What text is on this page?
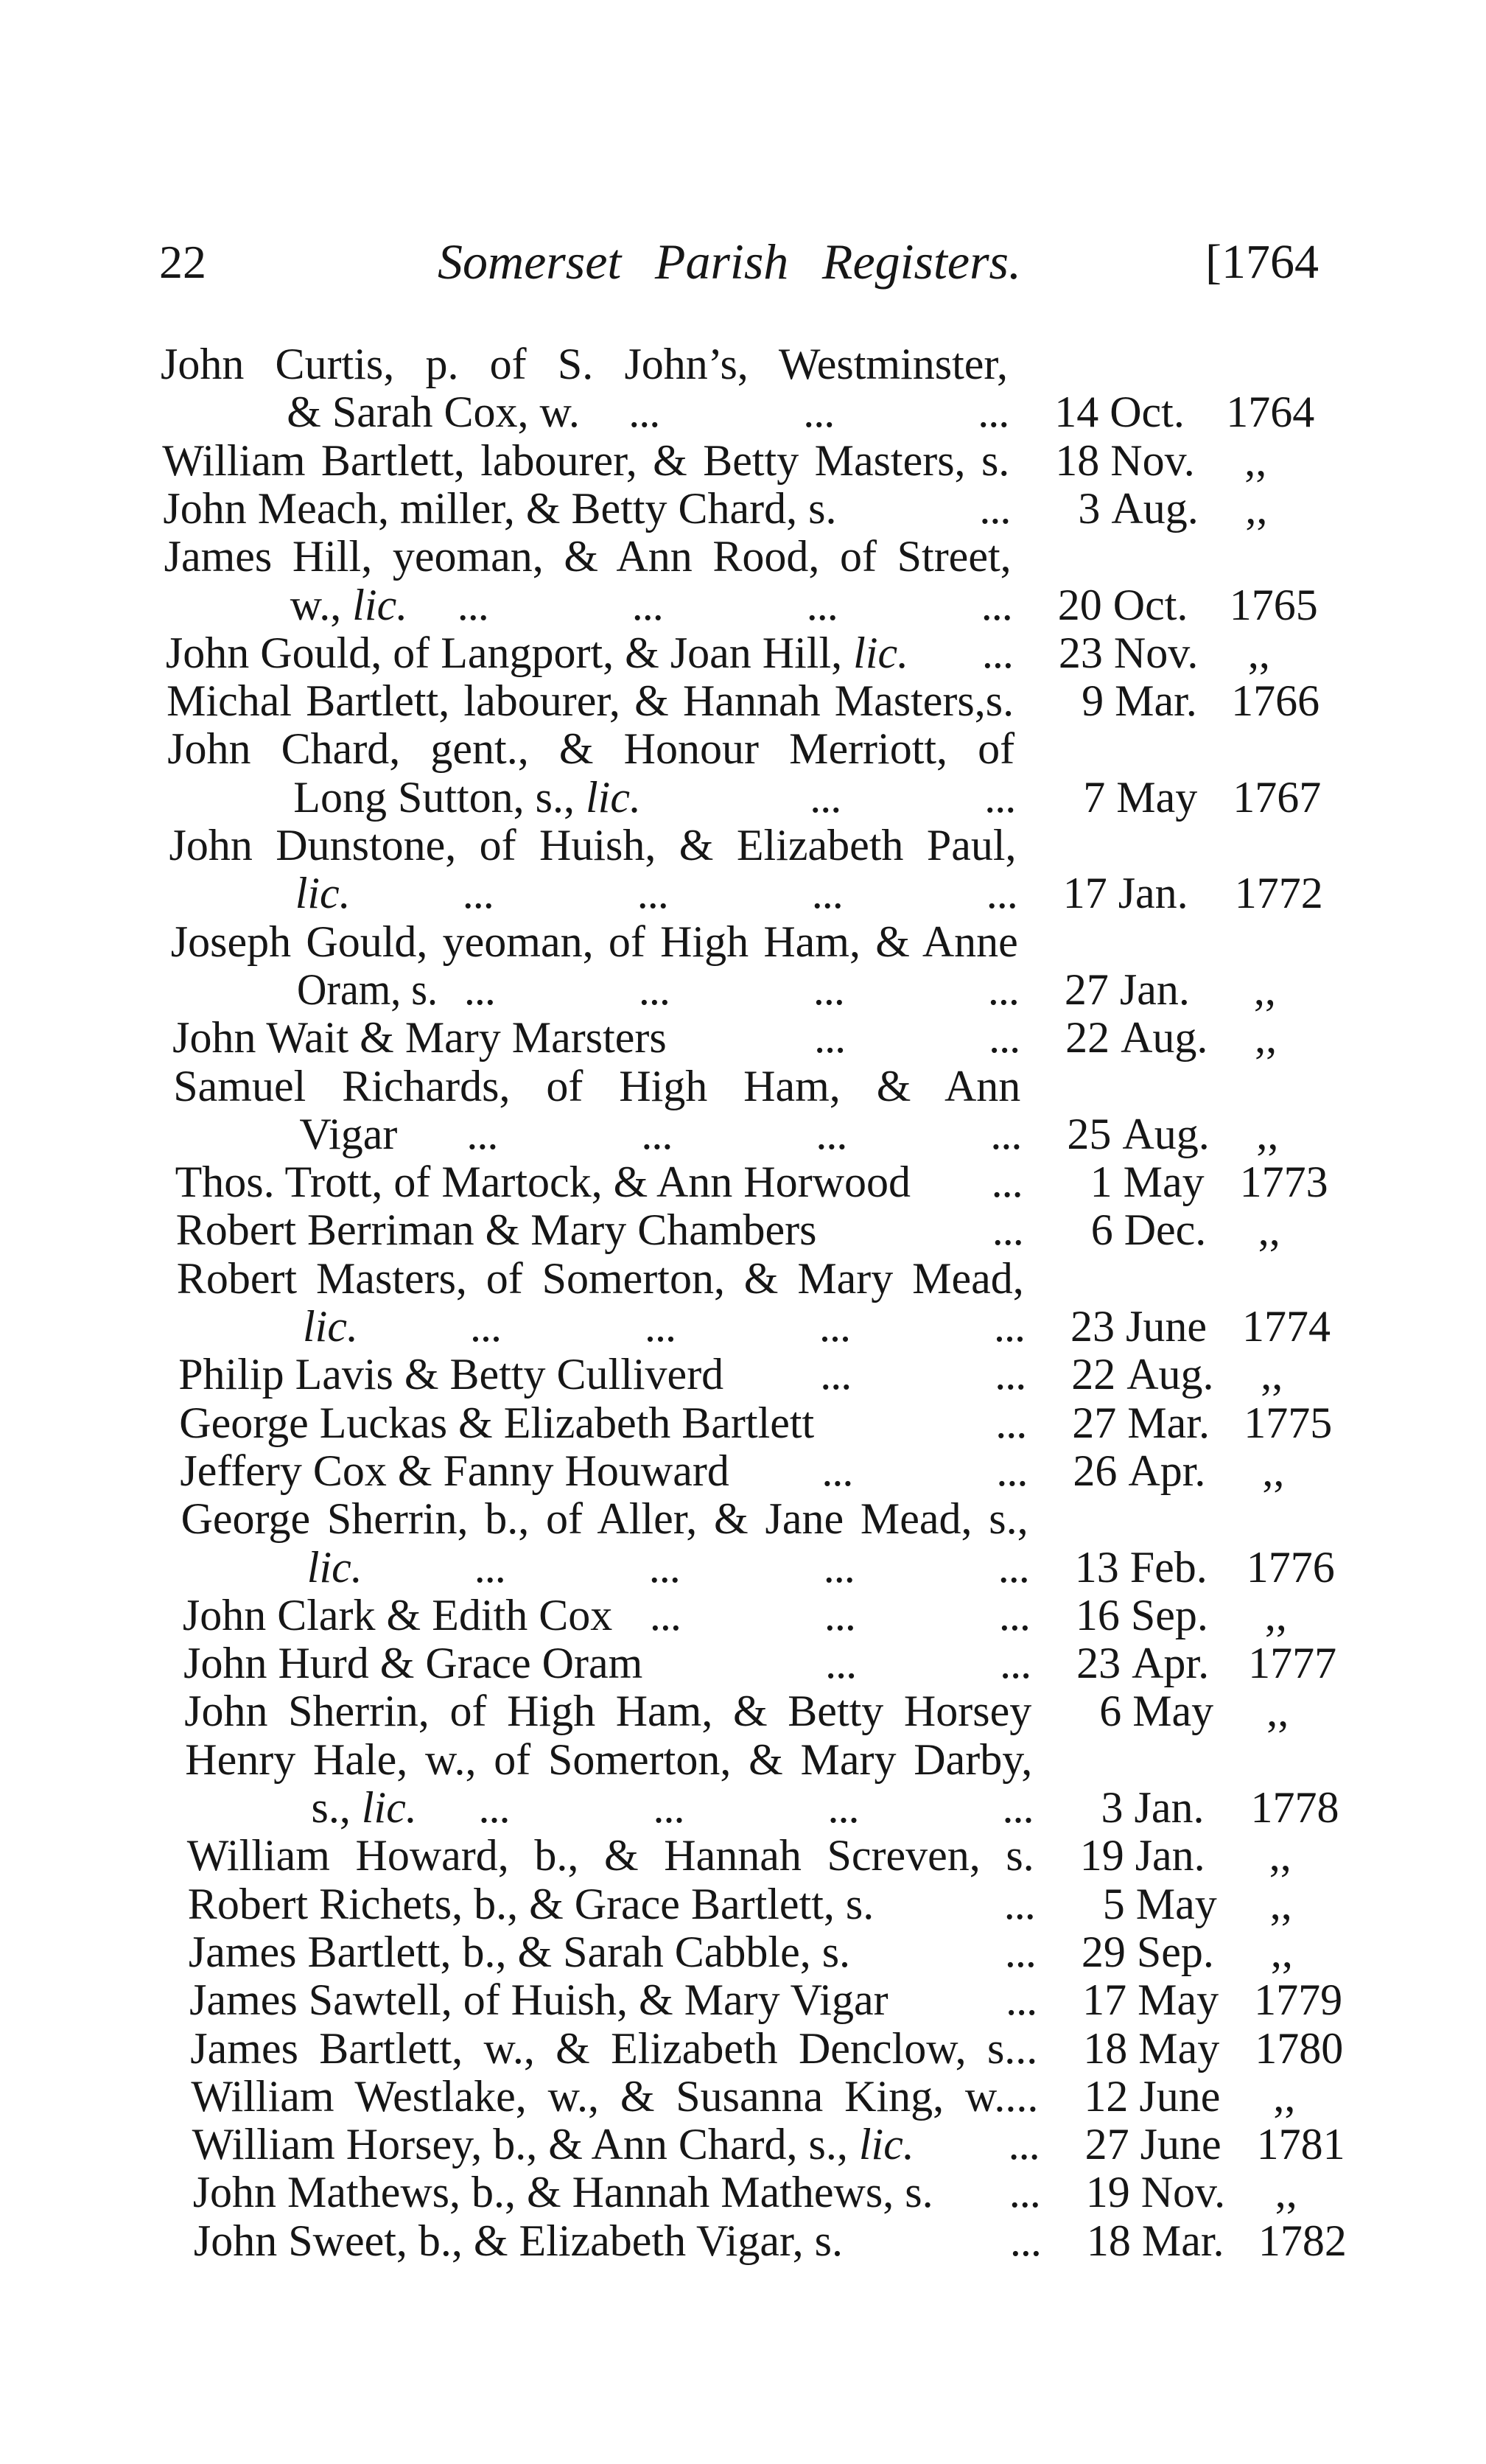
22	Somerset Parish Registers.	[1764
John Curtis, p. of S. John’s, Westminster,
& Sarah Cox, w.	...	...	...	14 Oct. 1764
William Bartlett, labourer, & Betty Masters, s.	18 Nov. ,,
John Meach, miller, & Betty Chard, s.	...	3 Aug. ,,
James Hill, yeoman, & Ann Rood, of Street,
w., lic.	...	...	...	...	20 Oct. 1765
John Gould, of Langport, & Joan Hill, lic.	...	23 Nov. ,,
Michal Bartlett, labourer, & Hannah Masters,s.	9 Mar. 1766
John Chard, gent., & Honour Merriott, of
Long Sutton, s., lic.	...	...	7 May 1767
John Dunstone, of Huish, & Elizabeth Paul,
lic.	...	...	...	...	17 Jan. 1772
Joseph Gould, yeoman, of High Ham, & Anne
Oram, s. ...	...	...	...	27 Jan. ,,
John Wait & Mary Marsters	...	...	22 Aug. ,,
Samuel Richards, of High Ham, & Ann
Vigar	...	...	...	...	25 Aug. ,,
Thos. Trott, of Martock, & Ann Horwood	...	1 May 1773
Robert Berriman & Mary Chambers	...	6 Dec. ,,
Robert Masters, of Somerton, & Mary Mead,
lic.	...	...	...	...	23 June 1774
Philip Lavis & Betty Culliverd	...	...	22 Aug. ,,
George Luckas & Elizabeth Bartlett	...	27 Mar. 1775
Jeffery Cox & Fanny Houward	...	...	26 Apr. ,,
George Sherrin, b., of Aller, & Jane Mead, s.,
lic.	...	...	...	...	13 Feb. 1776
John Clark & Edith Cox ...	...	...	16 Sep. ,,
John Hurd & Grace Oram	...	...	23 Apr. 1777
John Sherrin, of High Ham, & Betty Horsey	6 May ,,
Henry Hale, w., of Somerton, & Mary Darby,
s., lic.	...	...	...	...	3 Jan. 1778
William Howard, b., & Hannah Screven, s.	19 Jan. ,,
Robert Richets, b., & Grace Bartlett, s.	...	5 May ,,
James Bartlett, b., & Sarah Cabble, s.	...	29 Sep. ,,
James Sawtell, of Huish, & Mary Vigar	...	17 May 1779
James Bartlett, w., & Elizabeth Denclow, s...	18 May 1780
William Westlake, w., & Susanna King, w....	12 June ,,
William Horsey, b., & Ann Chard, s., lic.	...	27 June 1781
John Mathews, b., & Hannah Mathews, s.	...	19 Nov. ,,
John Sweet, b., & Elizabeth Vigar, s.	...	18 Mar. 1782
